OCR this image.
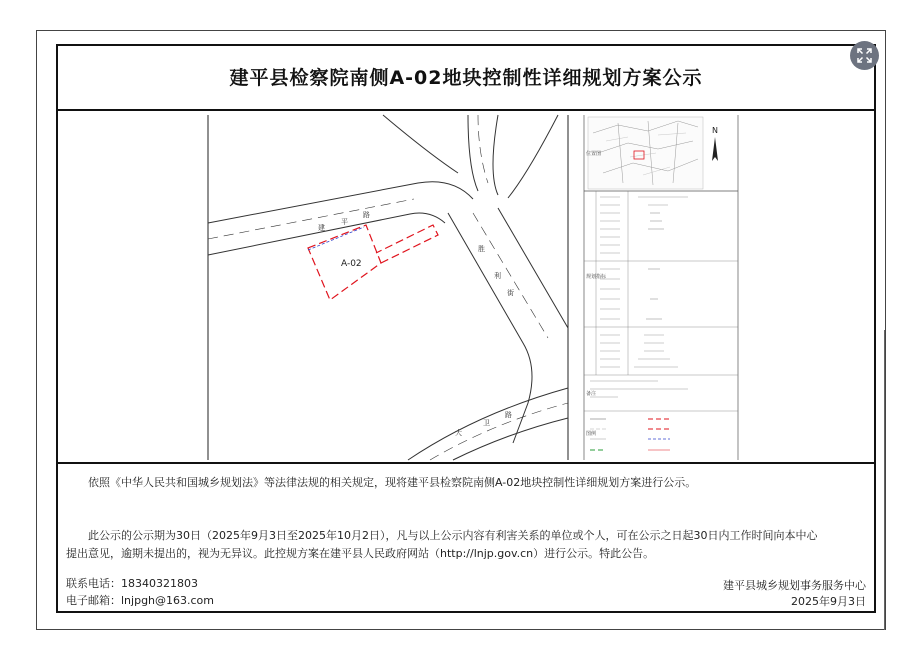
建平县检察院南侧A-02地块控制性详细规划方案公示
A-02
建
平
路
胜
利
街
大
卫
路
N
位置图
规划指标
备注
图例
依照《中华人民共和国城乡规划法》等法律法规的相关规定，现将建平县检察院南侧A-02地块控制性详细规划方案进行公示。
此公示的公示期为30日（2025年9月3日至2025年10月2日），凡与以上公示内容有利害关系的单位或个人，可在公示之日起30日内工作时间向本中心
提出意见，逾期未提出的，视为无异议。此控规方案在建平县人民政府网站（http://lnjp.gov.cn）进行公示。特此公告。
联系电话：18340321803
电子邮箱：lnjpgh@163.com
建平县城乡规划事务服务中心
2025年9月3日
